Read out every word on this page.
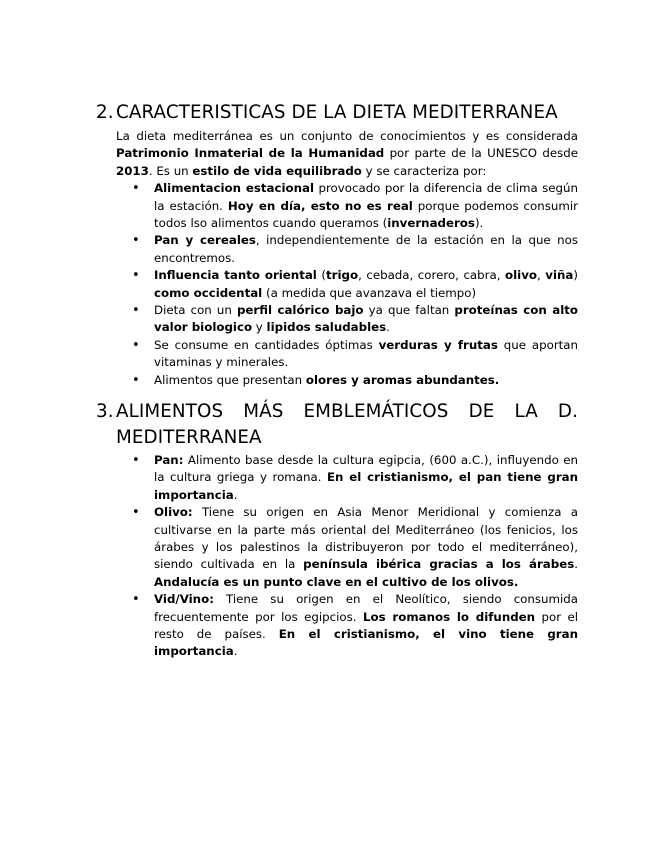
2. CARACTERISTICAS DE LA DIETA MEDITERRANEA

La dieta mediterránea es un conjunto de conocimientos y es considerada Patrimonio Inmaterial de la Humanidad por parte de la UNESCO desde 2013. Es un estilo de vida equilibrado y se caracteriza por:

• Alimentacion estacional provocado por la diferencia de clima según la estación. Hoy en día, esto no es real porque podemos consumir todos lso alimentos cuando queramos (invernaderos).
• Pan y cereales, independientemente de la estación en la que nos encontremos.
• Influencia tanto oriental (trigo, cebada, corero, cabra, olivo, viña) como occidental (a medida que avanzava el tiempo)
• Dieta con un perfil calórico bajo ya que faltan proteínas con alto valor biologico y lipidos saludables.
• Se consume en cantidades óptimas verduras y frutas que aportan vitaminas y minerales.
• Alimentos que presentan olores y aromas abundantes.
3. ALIMENTOS MÁS EMBLEMÁTICOS DE LA D. MEDITERRANEA
• Pan: Alimento base desde la cultura egipcia, (600 a.C.), influyendo en la cultura griega y romana. En el cristianismo, el pan tiene gran importancia.
• Olivo: Tiene su origen en Asia Menor Meridional y comienza a cultivarse en la parte más oriental del Mediterráneo (los fenicios, los árabes y los palestinos la distribuyeron por todo el mediterráneo), siendo cultivada en la península ibérica gracias a los árabes. Andalucía es un punto clave en el cultivo de los olivos.
• Vid/Vino: Tiene su origen en el Neolítico, siendo consumida frecuentemente por los egipcios. Los romanos lo difunden por el resto de países. En el cristianismo, el vino tiene gran importancia.
